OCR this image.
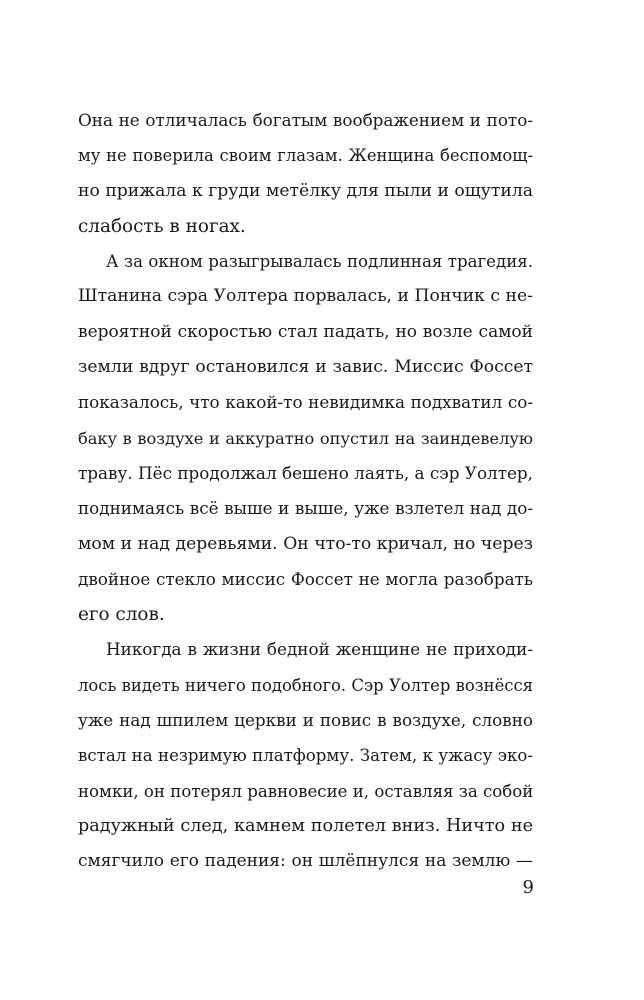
Она не отличалась богатым воображением и пото-
му не поверила своим глазам. Женщина беспомощ-
но прижала к груди метёлку для пыли и ощутила
слабость в ногах.

А за окном разыгрывалась подлинная трагедия.
Штанина сэра Уолтера порвалась, и Пончик с не-
вероятной скоростью стал падать, но возле самой
земли вдруг остановился и завис. Миссис Фоссет
показалось, что какой-то невидимка подхватил со-
баку в воздухе и аккуратно опустил на заиндевелую
траву. Пёс продолжал бешено лаять, а сэр Уолтер,
поднимаясь всё выше и выше, уже взлетел над до-
мом и над деревьями. Он что-то кричал, но через
двойное стекло миссис Фоссет не могла разобрать
его слов.

Никогда в жизни бедной женщине не приходи-
лось видеть ничего подобного. Сэр Уолтер вознёсся
уже над шпилем церкви и повис в воздухе, словно
встал на незримую платформу. Затем, к ужасу эко-
номки, он потерял равновесие и, оставляя за собой
радужный след, камнем полетел вниз. Ничто не
смягчило его падения: он шлёпнулся на землю —

9
